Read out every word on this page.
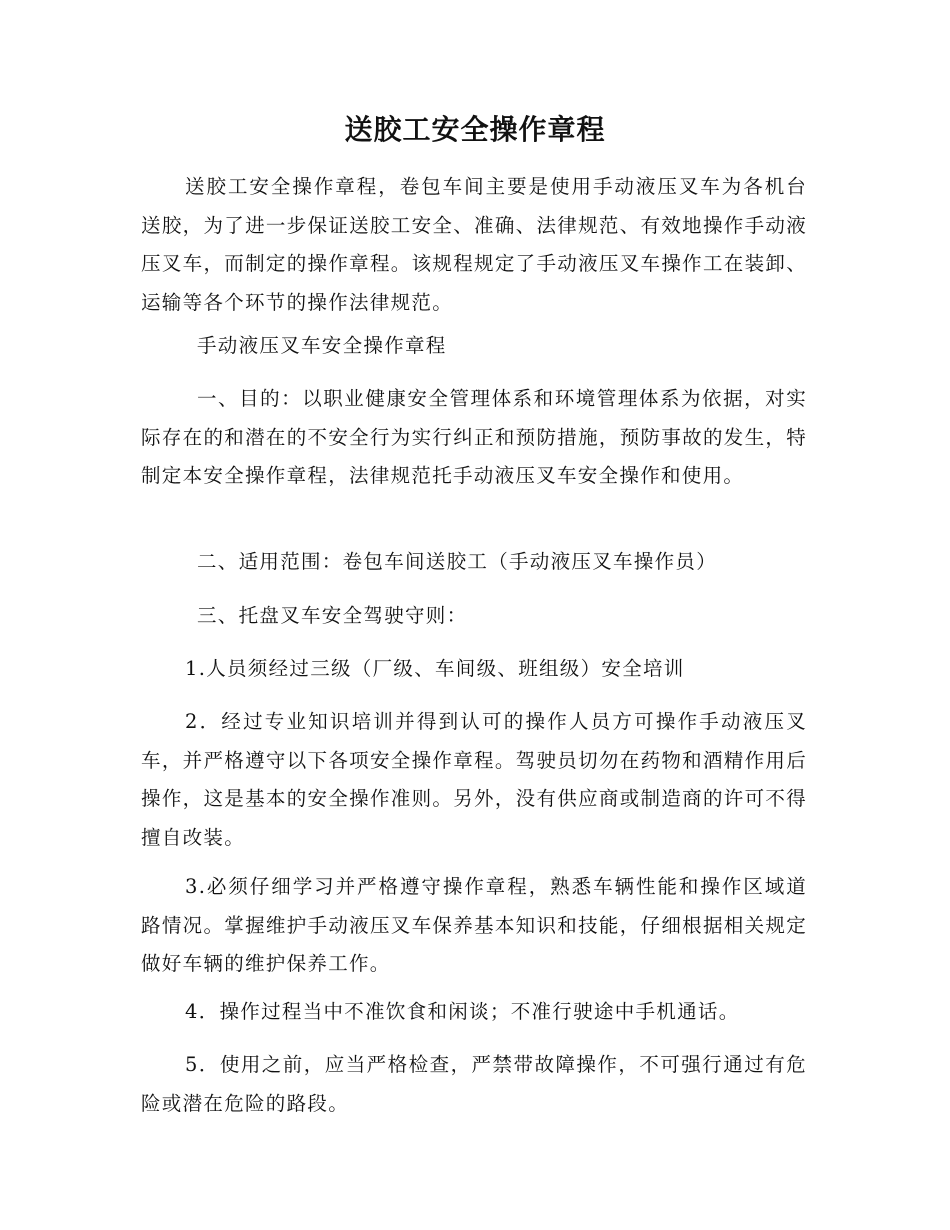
送胶工安全操作章程

送胶工安全操作章程，卷包车间主要是使用手动液压叉车为各机台送胶，为了进一步保证送胶工安全、准确、法律规范、有效地操作手动液压叉车，而制定的操作章程。该规程规定了手动液压叉车操作工在装卸、运输等各个环节的操作法律规范。

手动液压叉车安全操作章程

一、目的：以职业健康安全管理体系和环境管理体系为依据，对实际存在的和潜在的不安全行为实行纠正和预防措施，预防事故的发生，特制定本安全操作章程，法律规范托手动液压叉车安全操作和使用。

二、适用范围：卷包车间送胶工（手动液压叉车操作员）

三、托盘叉车安全驾驶守则：

1.人员须经过三级（厂级、车间级、班组级）安全培训

2．经过专业知识培训并得到认可的操作人员方可操作手动液压叉车，并严格遵守以下各项安全操作章程。驾驶员切勿在药物和酒精作用后操作，这是基本的安全操作准则。另外，没有供应商或制造商的许可不得擅自改装。

3.必须仔细学习并严格遵守操作章程，熟悉车辆性能和操作区域道路情况。掌握维护手动液压叉车保养基本知识和技能，仔细根据相关规定做好车辆的维护保养工作。

4．操作过程当中不准饮食和闲谈；不准行驶途中手机通话。

5．使用之前，应当严格检查，严禁带故障操作，不可强行通过有危险或潜在危险的路段。
